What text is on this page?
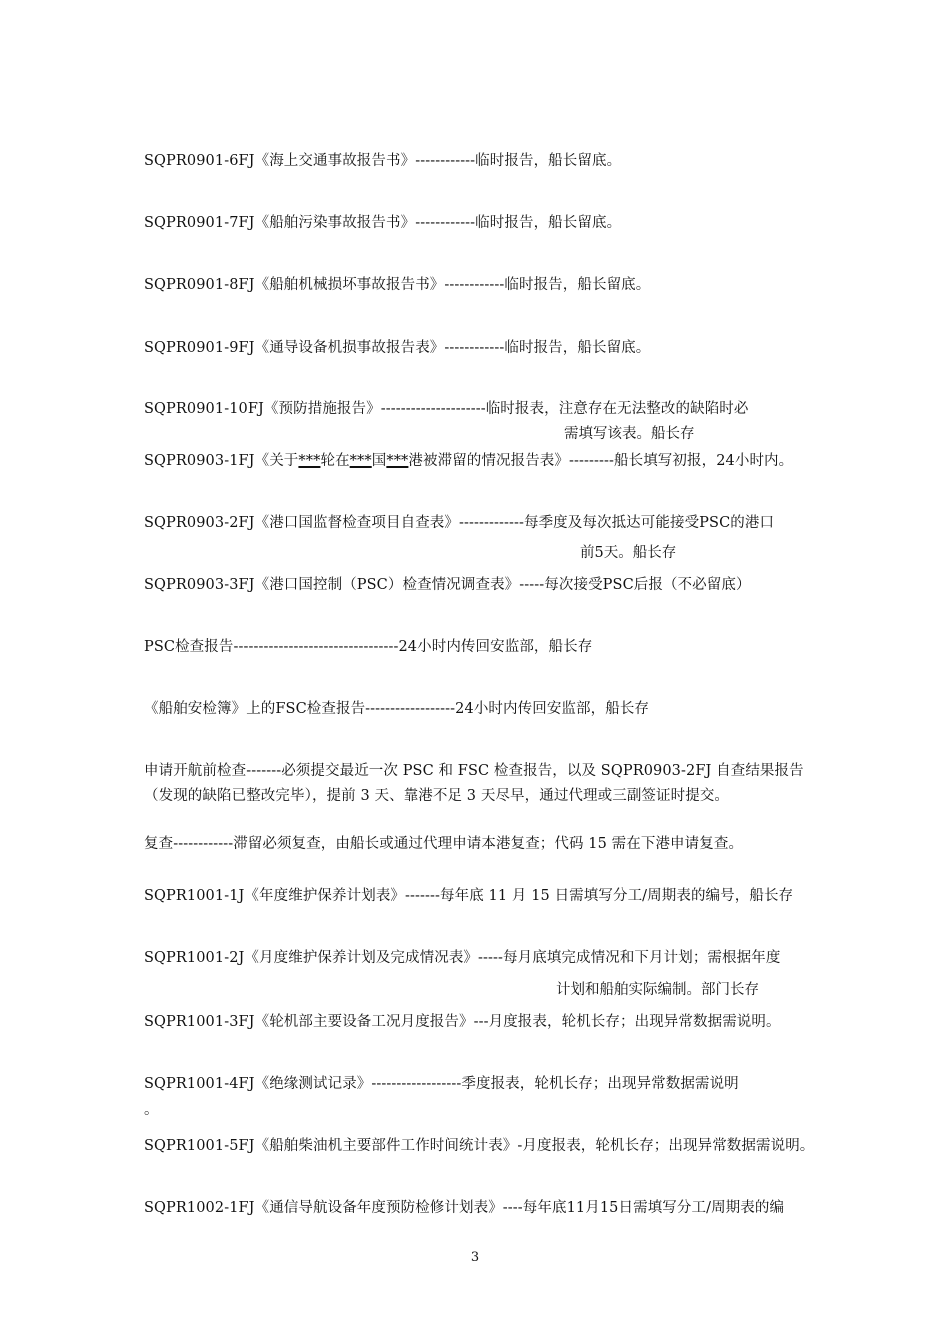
SQPR0901-6FJ《海上交通事故报告书》------------临时报告，船长留底。
SQPR0901-7FJ《船舶污染事故报告书》------------临时报告，船长留底。
SQPR0901-8FJ《船舶机械损坏事故报告书》------------临时报告，船长留底。
SQPR0901-9FJ《通导设备机损事故报告表》------------临时报告，船长留底。
SQPR0901-10FJ《预防措施报告》---------------------临时报表，注意存在无法整改的缺陷时必
需填写该表。船长存
SQPR0903-1FJ《关于***轮在***国***港被滞留的情况报告表》---------船长填写初报，24小时内。
SQPR0903-2FJ《港口国监督检查项目自查表》-------------每季度及每次抵达可能接受PSC的港口
前5天。船长存
SQPR0903-3FJ《港口国控制（PSC）检查情况调查表》-----每次接受PSC后报（不必留底）
PSC检查报告---------------------------------24小时内传回安监部，船长存
《船舶安检簿》上的FSC检查报告------------------24小时内传回安监部，船长存
申请开航前检查-------必须提交最近一次 PSC 和 FSC 检查报告，以及 SQPR0903-2FJ 自查结果报告
（发现的缺陷已整改完毕），提前 3 天、靠港不足 3 天尽早，通过代理或三副签证时提交。
复查------------滞留必须复查，由船长或通过代理申请本港复查；代码 15 需在下港申请复查。
SQPR1001-1J《年度维护保养计划表》-------每年底 11 月 15 日需填写分工/周期表的编号，船长存
SQPR1001-2J《月度维护保养计划及完成情况表》-----每月底填完成情况和下月计划；需根据年度
计划和船舶实际编制。部门长存
SQPR1001-3FJ《轮机部主要设备工况月度报告》---月度报表，轮机长存；出现异常数据需说明。
SQPR1001-4FJ《绝缘测试记录》------------------季度报表，轮机长存；出现异常数据需说明
。
SQPR1001-5FJ《船舶柴油机主要部件工作时间统计表》-月度报表，轮机长存；出现异常数据需说明。
SQPR1002-1FJ《通信导航设备年度预防检修计划表》----每年底11月15日需填写分工/周期表的编
3
